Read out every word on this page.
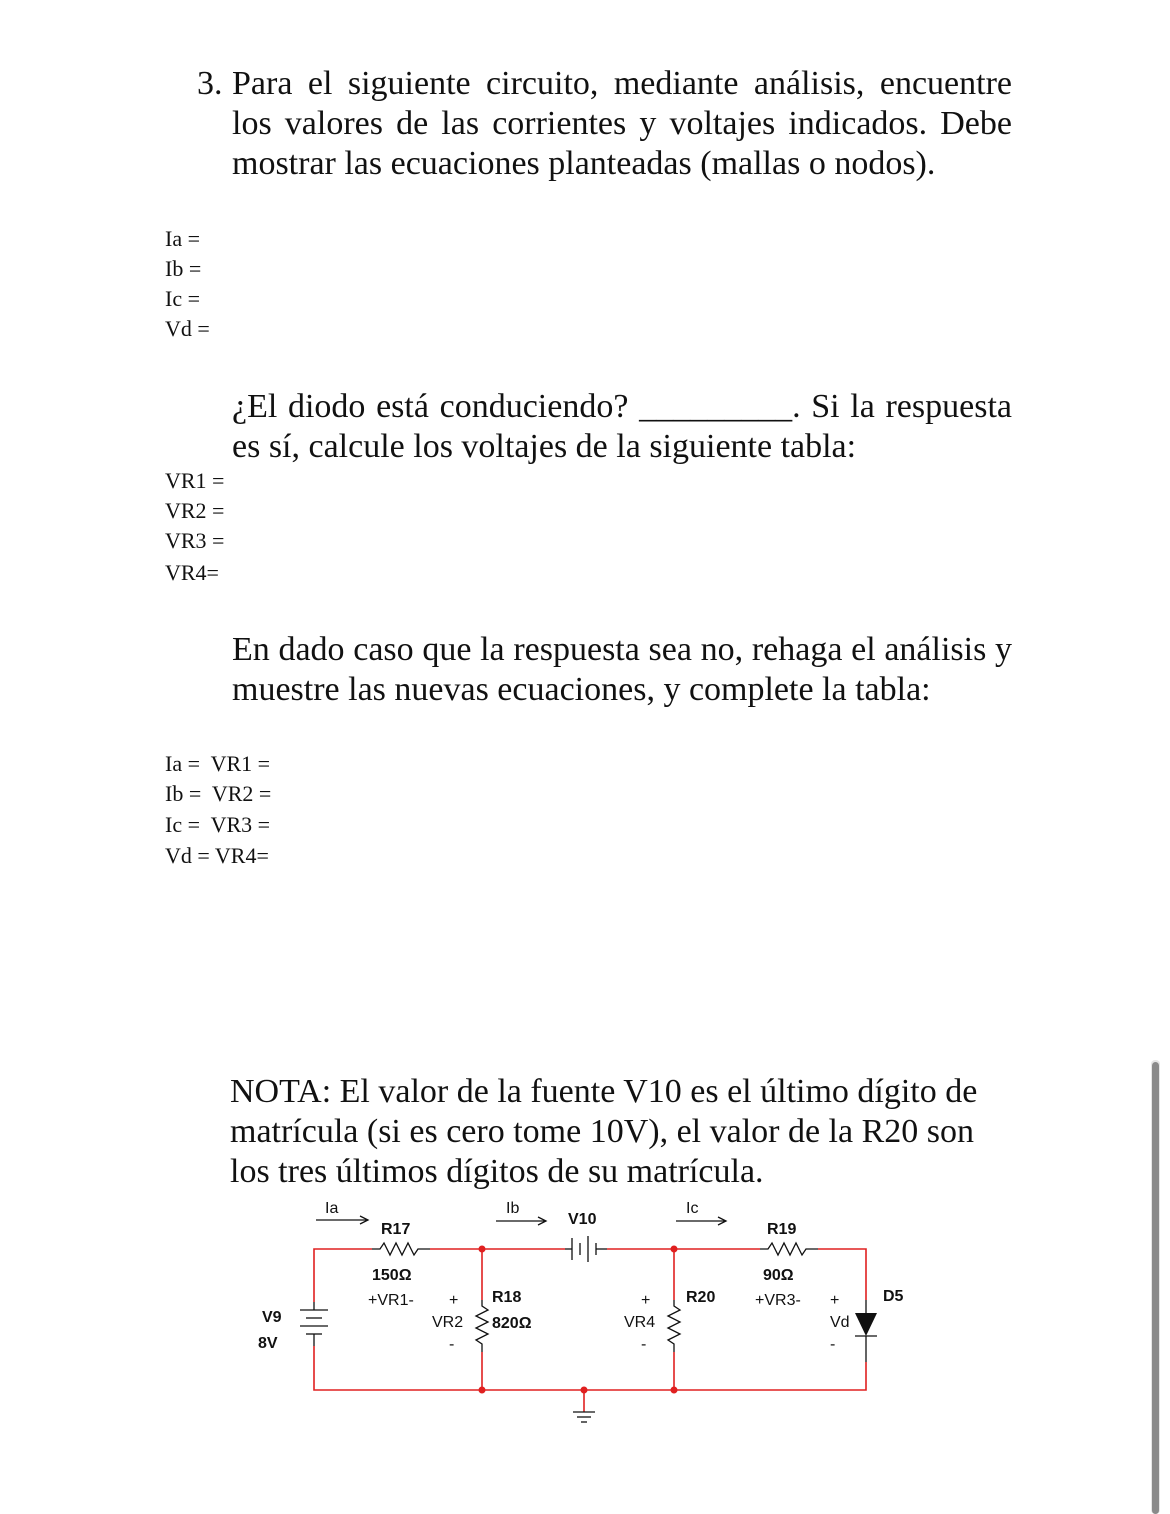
3. Para el siguiente circuito, mediante análisis, encuentre los valores de las corrientes y voltajes indicados. Debe mostrar las ecuaciones planteadas (mallas o nodos).
Ia =
Ib =
Ic =
Vd =
¿El diodo está conduciendo? _________. Si la respuesta es sí, calcule los voltajes de la siguiente tabla:
VR1 =
VR2 =
VR3 =
VR4=
En dado caso que la respuesta sea no, rehaga el análisis y muestre las nuevas ecuaciones, y complete la tabla:
Ia =  VR1 =
Ib =  VR2 =
Ic =  VR3 =
Vd = VR4=
NOTA: El valor de la fuente V10 es el último dígito de matrícula (si es cero tome 10V), el valor de la R20 son los tres últimos dígitos de su matrícula.
Ia	Ib	Ic
R17
150Ω
+VR1-
V10
R19
90Ω
+VR3-
+
VR2
-
R18
820Ω
+
VR4
-
R20	+
Vd
-
D5
V9
8V
